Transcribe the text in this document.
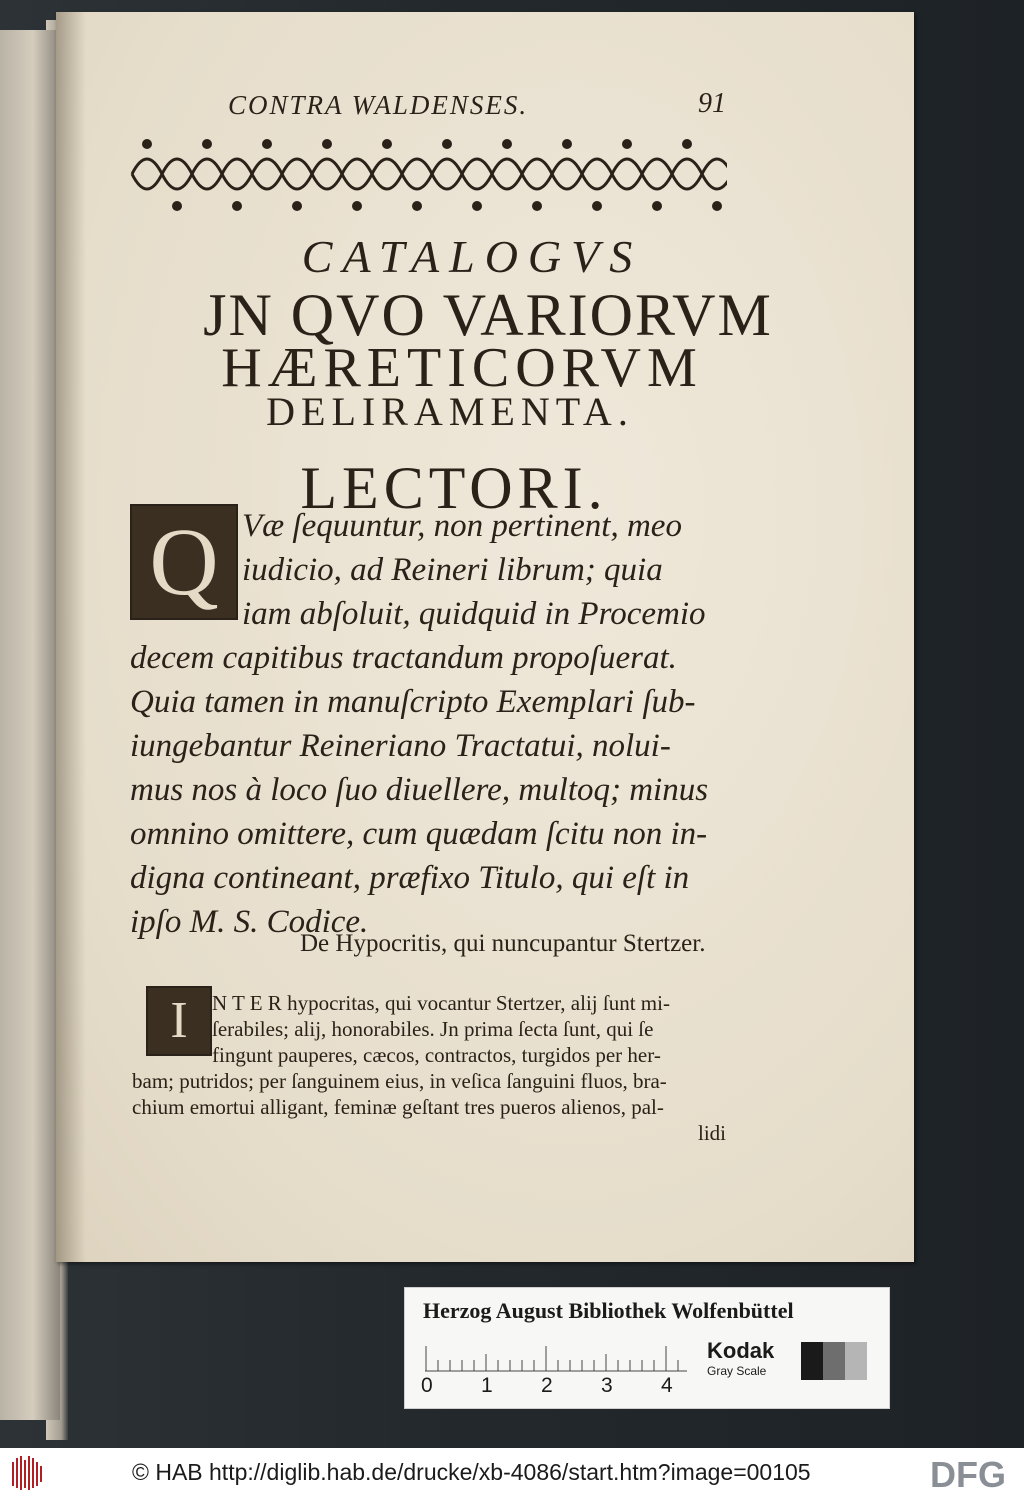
CONTRA WALDENSES.	91
CATALOGVS
JN QVO VARIORVM
HÆRETICORVM
DELIRAMENTA.
LECTORI.
Q Væ ſequuntur, non pertinent, meo
iudicio, ad Reineri librum; quia
iam abſoluit, quidquid in Procemio
decem capitibus tractandum propoſuerat.
Quia tamen in manuſcripto Exemplari ſub-
iungebantur Reineriano Tractatui, nolui-
mus nos à loco ſuo diuellere, multoq; minus
omnino omittere, cum quædam ſcitu non in-
digna contineant, præfixo Titulo, qui eſt in
ipſo M. S. Codice.
De Hypocritis, qui nuncupantur Stertzer.
I	N T E R hypocritas, qui vocantur Stertzer, alij ſunt mi-
ſerabiles; alij, honorabiles. Jn prima ſecta ſunt, qui ſe
fingunt pauperes, cæcos, contractos, turgidos per her-
bam; putridos; per ſanguinem eius, in veſica ſanguini fluos, bra-
chium emortui alligant, feminæ geſtant tres pueros alienos, pal-
lidi
Herzog August Bibliothek Wolfenbüttel
0 1 2 3 4
Kodak
Gray Scale
© HAB http://diglib.hab.de/drucke/xb-4086/start.htm?image=00105	DFG
